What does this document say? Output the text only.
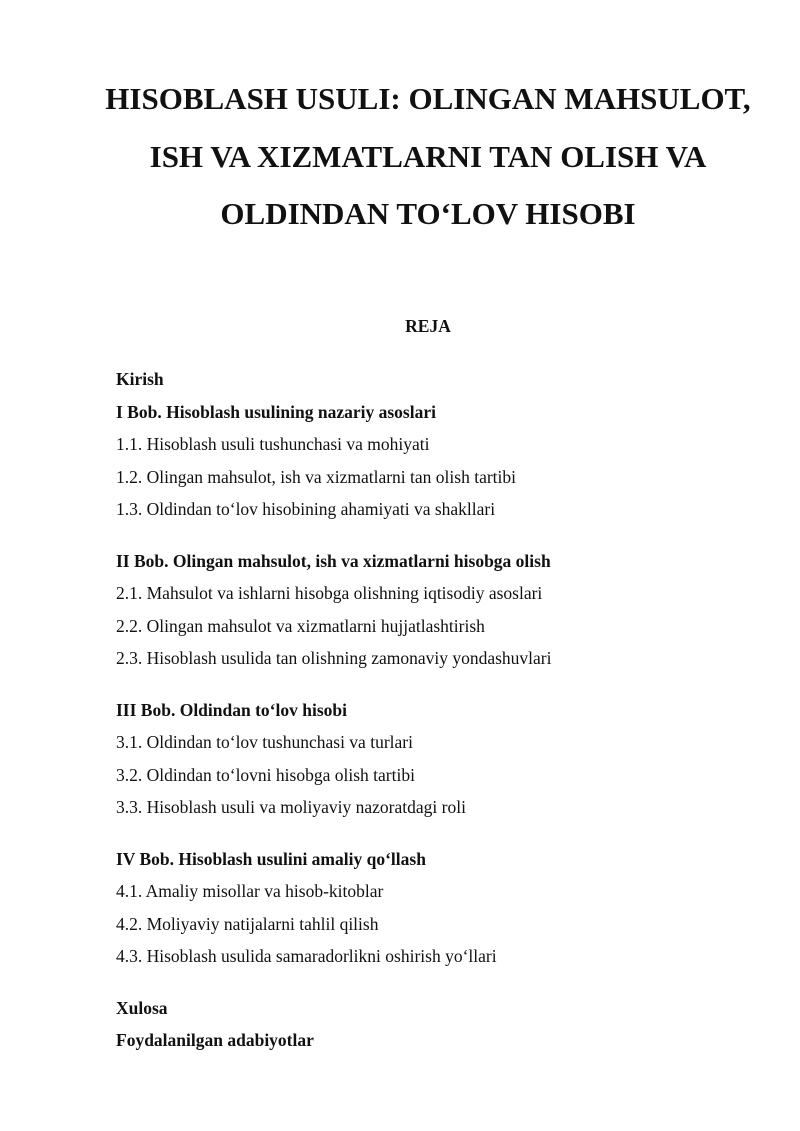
HISOBLASH USULI: OLINGAN MAHSULOT, ISH VA XIZMATLARNI TAN OLISH VA OLDINDAN TO‘LOV HISOBI
REJA
Kirish
I Bob. Hisoblash usulining nazariy asoslari
1.1. Hisoblash usuli tushunchasi va mohiyati
1.2. Olingan mahsulot, ish va xizmatlarni tan olish tartibi
1.3. Oldindan to‘lov hisobining ahamiyati va shakllari
II Bob. Olingan mahsulot, ish va xizmatlarni hisobga olish
2.1. Mahsulot va ishlarni hisobga olishning iqtisodiy asoslari
2.2. Olingan mahsulot va xizmatlarni hujjatlashtirish
2.3. Hisoblash usulida tan olishning zamonaviy yondashuvlari
III Bob. Oldindan to‘lov hisobi
3.1. Oldindan to‘lov tushunchasi va turlari
3.2. Oldindan to‘lovni hisobga olish tartibi
3.3. Hisoblash usuli va moliyaviy nazoratdagi roli
IV Bob. Hisoblash usulini amaliy qo‘llash
4.1. Amaliy misollar va hisob-kitoblar
4.2. Moliyaviy natijalarni tahlil qilish
4.3. Hisoblash usulida samaradorlikni oshirish yo‘llari
Xulosa
Foydalanilgan adabiyotlar
